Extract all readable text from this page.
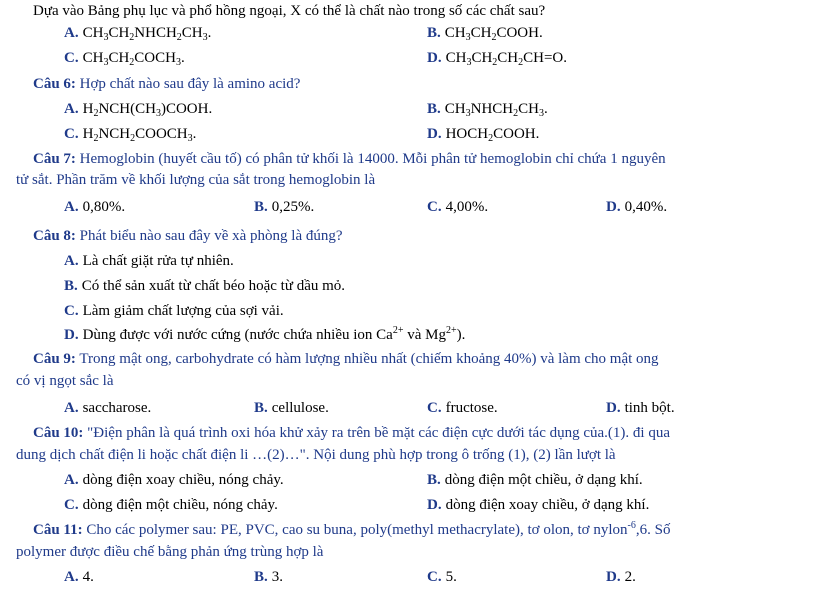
Dựa vào Bảng phụ lục và phổ hồng ngoại, X có thể là chất nào trong số các chất sau?
A. $CH_3CH_2NHCH_2CH_3$.	B. $CH_3CH_2COOH$.
C. $CH_3CH_2COCH_3$.	D. $CH_3CH_2CH_2CH=O$.
Câu 6: Hợp chất nào sau đây là amino acid?
A. $H_2NCH(CH_3)COOH$.	B. $CH_3NHCH_2CH_3$.
C. $H_2NCH_2COOCH_3$.	D. $HOCH_2COOH$.
Câu 7: Hemoglobin (huyết cầu tố) có phân tử khối là 14000. Mỗi phân tử hemoglobin chỉ chứa 1 nguyên
tử sắt. Phần trăm về khối lượng của sắt trong hemoglobin là
A. 0,80%.	B. 0,25%.	C. 4,00%.	D. 0,40%.
Câu 8: Phát biểu nào sau đây về xà phòng là đúng?
A. Là chất giặt rửa tự nhiên.
B. Có thể sản xuất từ chất béo hoặc từ dầu mỏ.
C. Làm giảm chất lượng của sợi vải.
D. Dùng được với nước cứng (nước chứa nhiều ion $Ca^{2+}$ và $Mg^{2+}$).
Câu 9: Trong mật ong, carbohydrate có hàm lượng nhiều nhất (chiếm khoảng 40%) và làm cho mật ong
có vị ngọt sắc là
A. saccharose.	B. cellulose.	C. fructose.	D. tinh bột.
Câu 10: "Điện phân là quá trình oxi hóa khử xảy ra trên bề mặt các điện cực dưới tác dụng của.(1). đi qua
dung dịch chất điện li hoặc chất điện li …(2)…". Nội dung phù hợp trong ô trống (1), (2) lần lượt là
A. dòng điện xoay chiều, nóng chảy.	B. dòng điện một chiều, ở dạng khí.
C. dòng điện một chiều, nóng chảy.	D. dòng điện xoay chiều, ở dạng khí.
Câu 11: Cho các polymer sau: PE, PVC, cao su buna, poly(methyl methacrylate), tơ olon, tơ nylon$^{-6}$,6. Số
polymer được điều chế bằng phản ứng trùng hợp là
A. 4.	B. 3.	C. 5.	D. 2.
